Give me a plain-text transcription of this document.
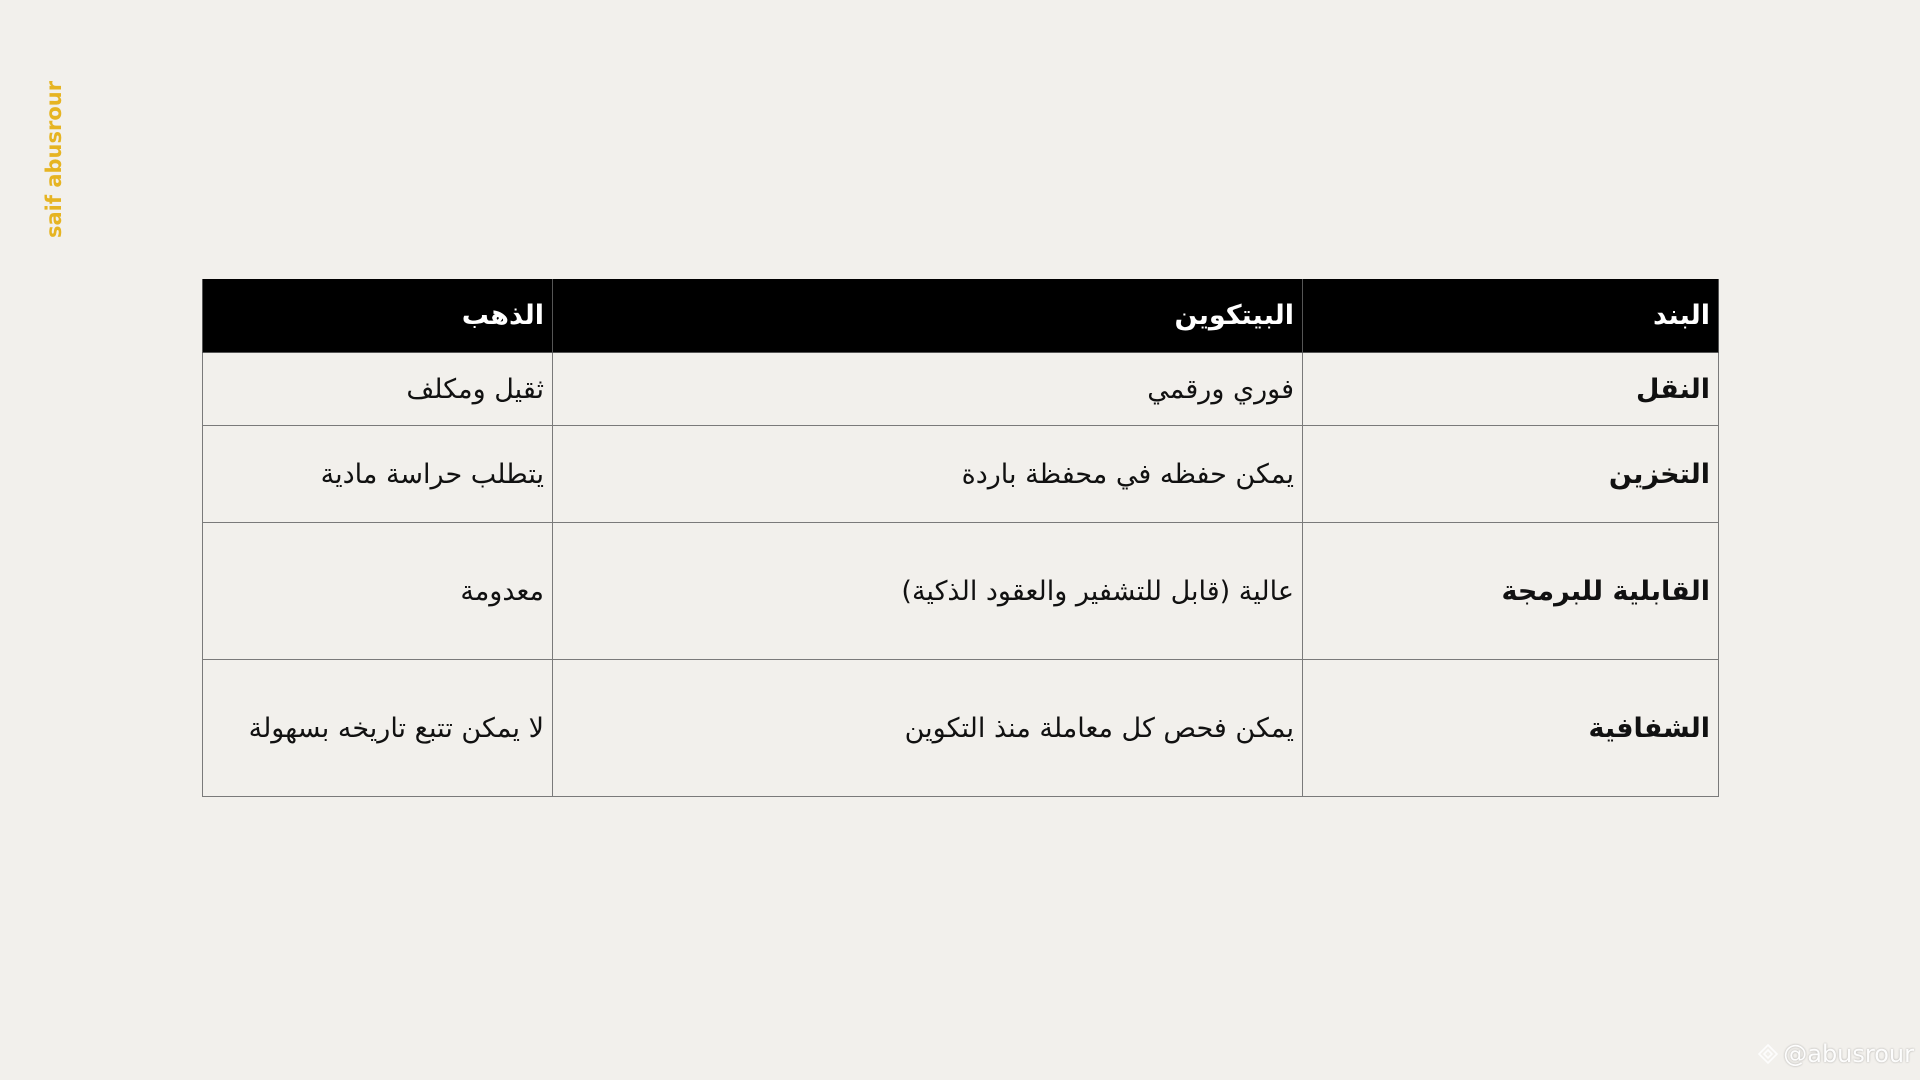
saif abusrour
البند	البيتكوين	الذهب
النقل	فوري ورقمي	ثقيل ومكلف
التخزين	يمكن حفظه في محفظة باردة	يتطلب حراسة مادية
القابلية للبرمجة	عالية (قابل للتشفير والعقود الذكية)	معدومة
الشفافية	يمكن فحص كل معاملة منذ التكوين	لا يمكن تتبع تاريخه بسهولة
@abusrour
